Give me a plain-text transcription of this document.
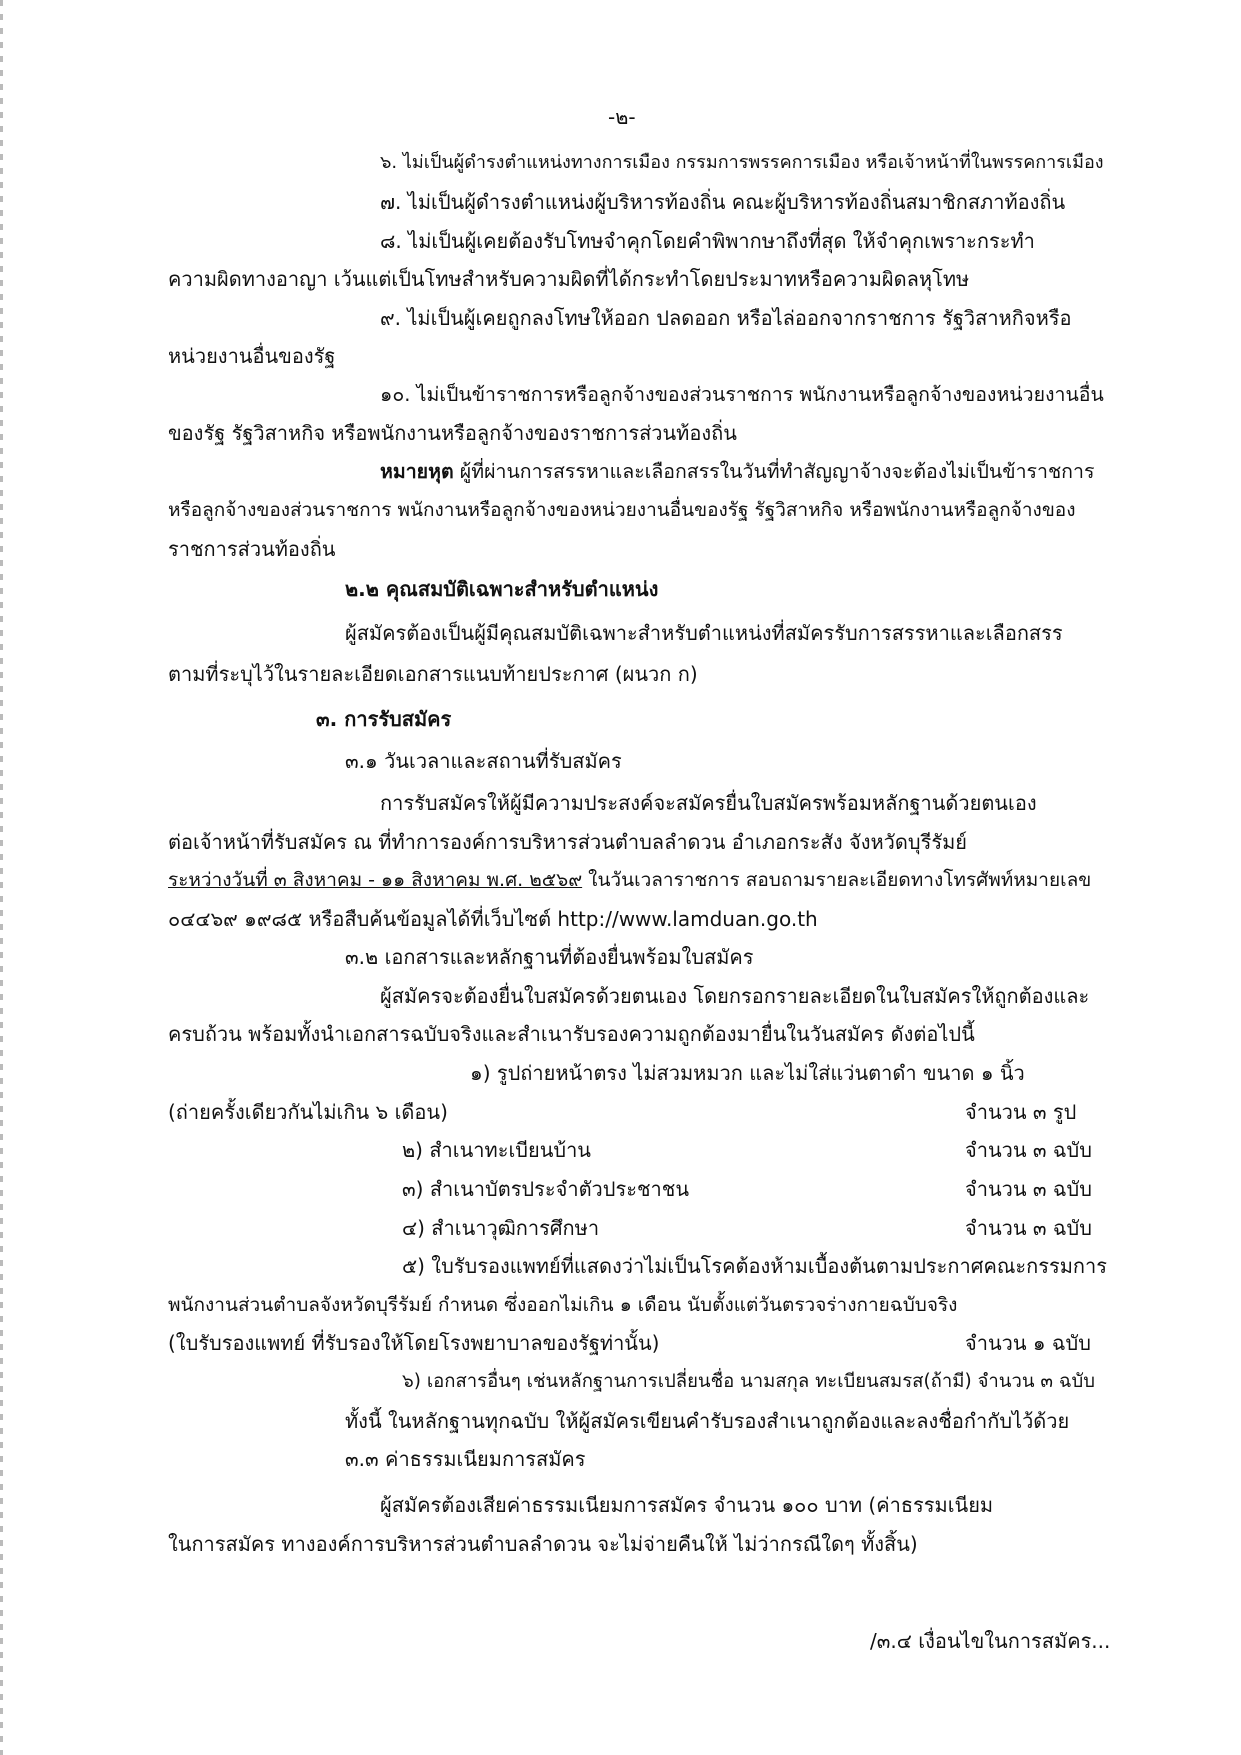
-๒-
๖. ไม่เป็นผู้ดำรงตำแหน่งทางการเมือง กรรมการพรรคการเมือง หรือเจ้าหน้าที่ในพรรคการเมือง
๗. ไม่เป็นผู้ดำรงตำแหน่งผู้บริหารท้องถิ่น คณะผู้บริหารท้องถิ่นสมาชิกสภาท้องถิ่น
๘. ไม่เป็นผู้เคยต้องรับโทษจำคุกโดยคำพิพากษาถึงที่สุด ให้จำคุกเพราะกระทำ
ความผิดทางอาญา เว้นแต่เป็นโทษสำหรับความผิดที่ได้กระทำโดยประมาทหรือความผิดลหุโทษ
๙. ไม่เป็นผู้เคยถูกลงโทษให้ออก ปลดออก หรือไล่ออกจากราชการ รัฐวิสาหกิจหรือ
หน่วยงานอื่นของรัฐ
๑๐. ไม่เป็นข้าราชการหรือลูกจ้างของส่วนราชการ พนักงานหรือลูกจ้างของหน่วยงานอื่น
ของรัฐ รัฐวิสาหกิจ หรือพนักงานหรือลูกจ้างของราชการส่วนท้องถิ่น
หมายหุต ผู้ที่ผ่านการสรรหาและเลือกสรรในวันที่ทำสัญญาจ้างจะต้องไม่เป็นข้าราชการ
หรือลูกจ้างของส่วนราชการ พนักงานหรือลูกจ้างของหน่วยงานอื่นของรัฐ รัฐวิสาหกิจ หรือพนักงานหรือลูกจ้างของ
ราชการส่วนท้องถิ่น
๒.๒ คุณสมบัติเฉพาะสำหรับตำแหน่ง
ผู้สมัครต้องเป็นผู้มีคุณสมบัติเฉพาะสำหรับตำแหน่งที่สมัครรับการสรรหาและเลือกสรร
ตามที่ระบุไว้ในรายละเอียดเอกสารแนบท้ายประกาศ (ผนวก ก)
๓. การรับสมัคร
๓.๑ วันเวลาและสถานที่รับสมัคร
การรับสมัครให้ผู้มีความประสงค์จะสมัครยื่นใบสมัครพร้อมหลักฐานด้วยตนเอง
ต่อเจ้าหน้าที่รับสมัคร ณ ที่ทำการองค์การบริหารส่วนตำบลลำดวน อำเภอกระสัง จังหวัดบุรีรัมย์
ระหว่างวันที่ ๓ สิงหาคม - ๑๑ สิงหาคม พ.ศ. ๒๕๖๙ ในวันเวลาราชการ สอบถามรายละเอียดทางโทรศัพท์หมายเลข
๐๔๔๖๙ ๑๙๘๕ หรือสืบค้นข้อมูลได้ที่เว็บไซต์ http://www.lamduan.go.th
๓.๒ เอกสารและหลักฐานที่ต้องยื่นพร้อมใบสมัคร
ผู้สมัครจะต้องยื่นใบสมัครด้วยตนเอง โดยกรอกรายละเอียดในใบสมัครให้ถูกต้องและ
ครบถ้วน พร้อมทั้งนำเอกสารฉบับจริงและสำเนารับรองความถูกต้องมายื่นในวันสมัคร ดังต่อไปนี้
๑) รูปถ่ายหน้าตรง ไม่สวมหมวก และไม่ใส่แว่นตาดำ ขนาด ๑ นิ้ว
(ถ่ายครั้งเดียวกันไม่เกิน ๖ เดือน)	จำนวน ๓ รูป
๒) สำเนาทะเบียนบ้าน	จำนวน ๓ ฉบับ
๓) สำเนาบัตรประจำตัวประชาชน	จำนวน ๓ ฉบับ
๔) สำเนาวุฒิการศึกษา	จำนวน ๓ ฉบับ
๕) ใบรับรองแพทย์ที่แสดงว่าไม่เป็นโรคต้องห้ามเบื้องต้นตามประกาศคณะกรรมการ
พนักงานส่วนตำบลจังหวัดบุรีรัมย์ กำหนด ซึ่งออกไม่เกิน ๑ เดือน นับตั้งแต่วันตรวจร่างกายฉบับจริง
(ใบรับรองแพทย์ ที่รับรองให้โดยโรงพยาบาลของรัฐท่านั้น)	จำนวน ๑ ฉบับ
๖) เอกสารอื่นๆ เช่นหลักฐานการเปลี่ยนชื่อ นามสกุล ทะเบียนสมรส(ถ้ามี) จำนวน ๓ ฉบับ
ทั้งนี้ ในหลักฐานทุกฉบับ ให้ผู้สมัครเขียนคำรับรองสำเนาถูกต้องและลงชื่อกำกับไว้ด้วย
๓.๓ ค่าธรรมเนียมการสมัคร
ผู้สมัครต้องเสียค่าธรรมเนียมการสมัคร จำนวน ๑๐๐ บาท (ค่าธรรมเนียม
ในการสมัคร ทางองค์การบริหารส่วนตำบลลำดวน จะไม่จ่ายคืนให้ ไม่ว่ากรณีใดๆ ทั้งสิ้น)
/๓.๔ เงื่อนไขในการสมัคร...
